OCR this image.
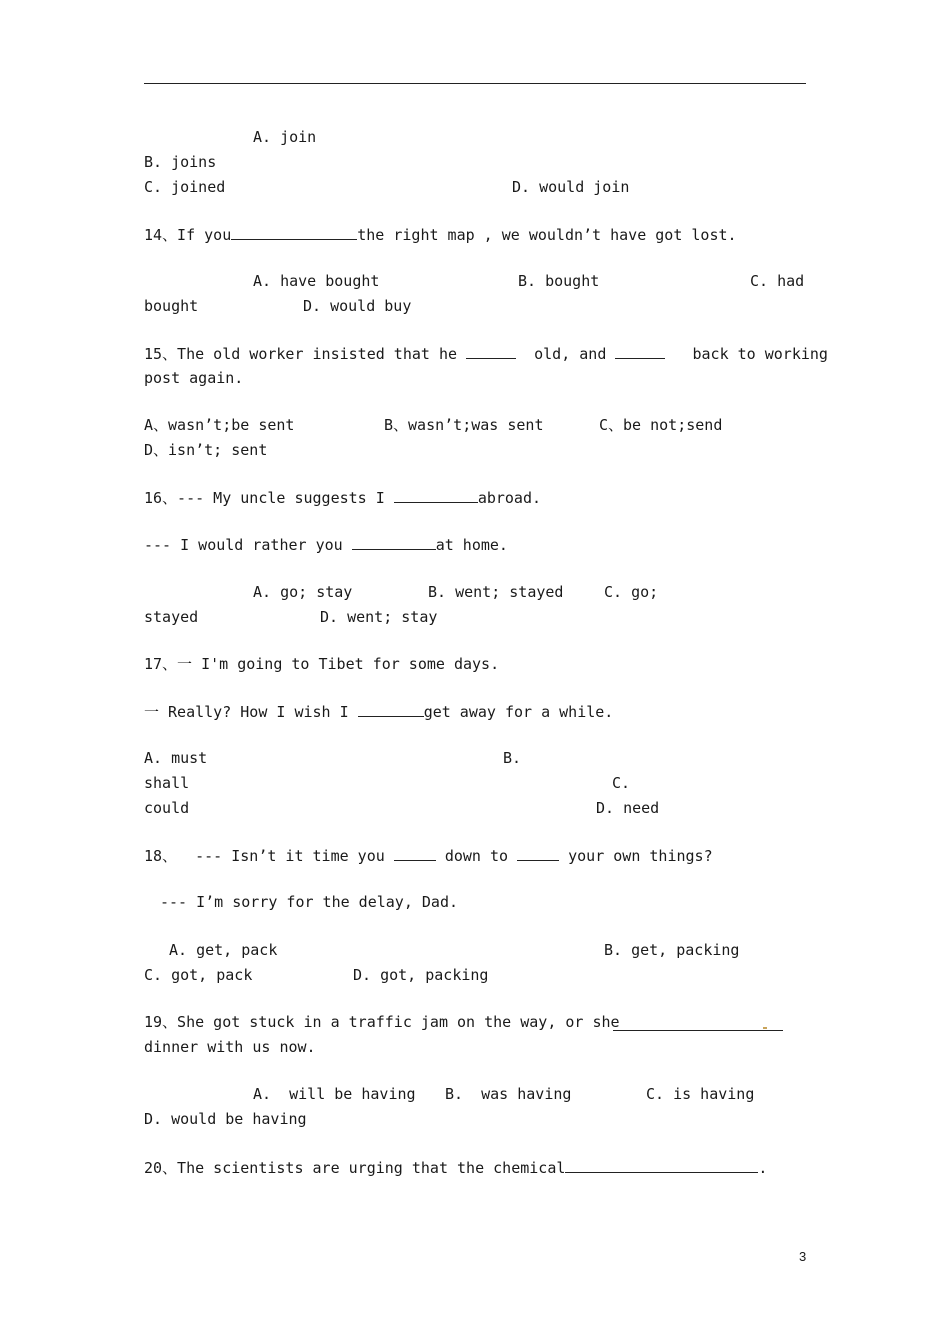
A. join
B. joins
C. joined	D. would join
14、If you	the right map , we wouldn’t have got lost.
A. have bought	B. bought	C. had
bought	D. would buy
15、The old worker insisted that he	old, and	back to working
post again.
A、wasn’t;be sent	B、wasn’t;was sent	C、be not;send
D、isn’t; sent
16、--- My uncle suggests I	abroad.
--- I would rather you	at home.
A. go; stay	B. went; stayed	C. go;
stayed	D. went; stay
17、一 I'm going to Tibet for some days.
一 Really? How I wish I	get away for a while.
A. must	B.
shall	C.
could	D. need
18、  --- Isn’t it time you	down to	your own things?
--- I’m sorry for the delay, Dad.
A. get, pack	B. get, packing
C. got, pack	D. got, packing
19、She got stuck in a traffic jam on the way, or she
dinner with us now.
A.  will be having B.  was having	C. is having
D. would be having
20、The scientists are urging that the chemical	.
3
